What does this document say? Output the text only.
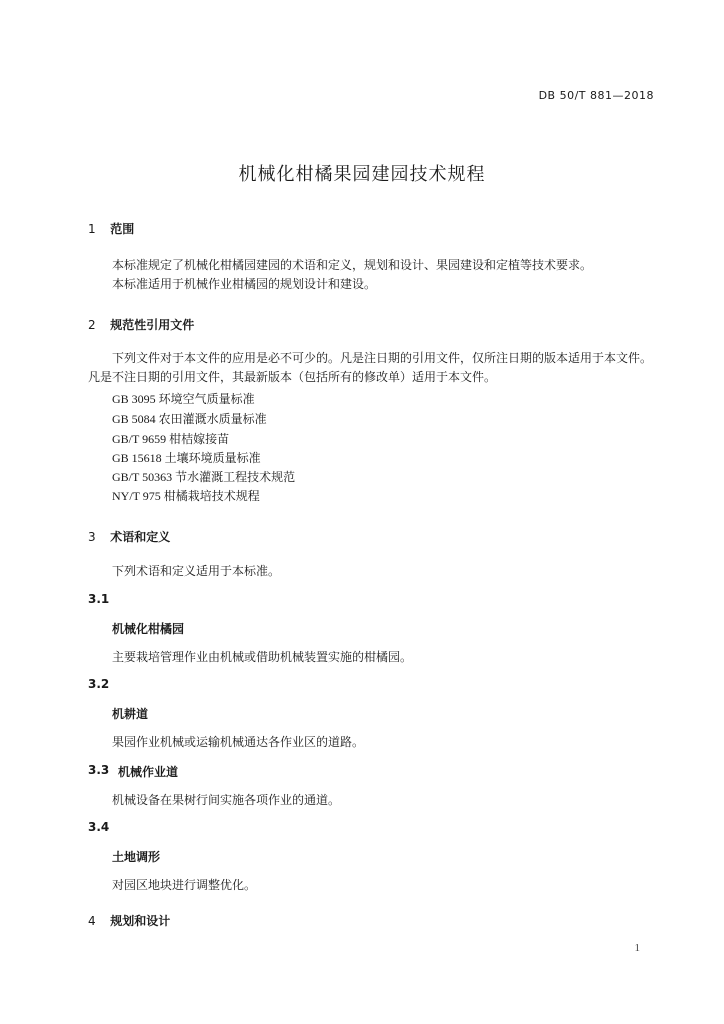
DB 50/T 881—2018
机械化柑橘果园建园技术规程
1 范围
本标准规定了机械化柑橘园建园的术语和定义，规划和设计、果园建设和定植等技术要求。
本标准适用于机械作业柑橘园的规划设计和建设。
2 规范性引用文件
下列文件对于本文件的应用是必不可少的。凡是注日期的引用文件，仅所注日期的版本适用于本文件。凡是不注日期的引用文件，其最新版本（包括所有的修改单）适用于本文件。
GB 3095 环境空气质量标准
GB 5084 农田灌溉水质量标准
GB/T 9659 柑桔嫁接苗
GB 15618 土壤环境质量标准
GB/T 50363 节水灌溉工程技术规范
NY/T 975 柑橘栽培技术规程
3 术语和定义
下列术语和定义适用于本标准。
3.1
机械化柑橘园
主要栽培管理作业由机械或借助机械装置实施的柑橘园。
3.2
机耕道
果园作业机械或运输机械通达各作业区的道路。
3.3 机械作业道
机械设备在果树行间实施各项作业的通道。
3.4
土地调形
对园区地块进行调整优化。
4 规划和设计
1
